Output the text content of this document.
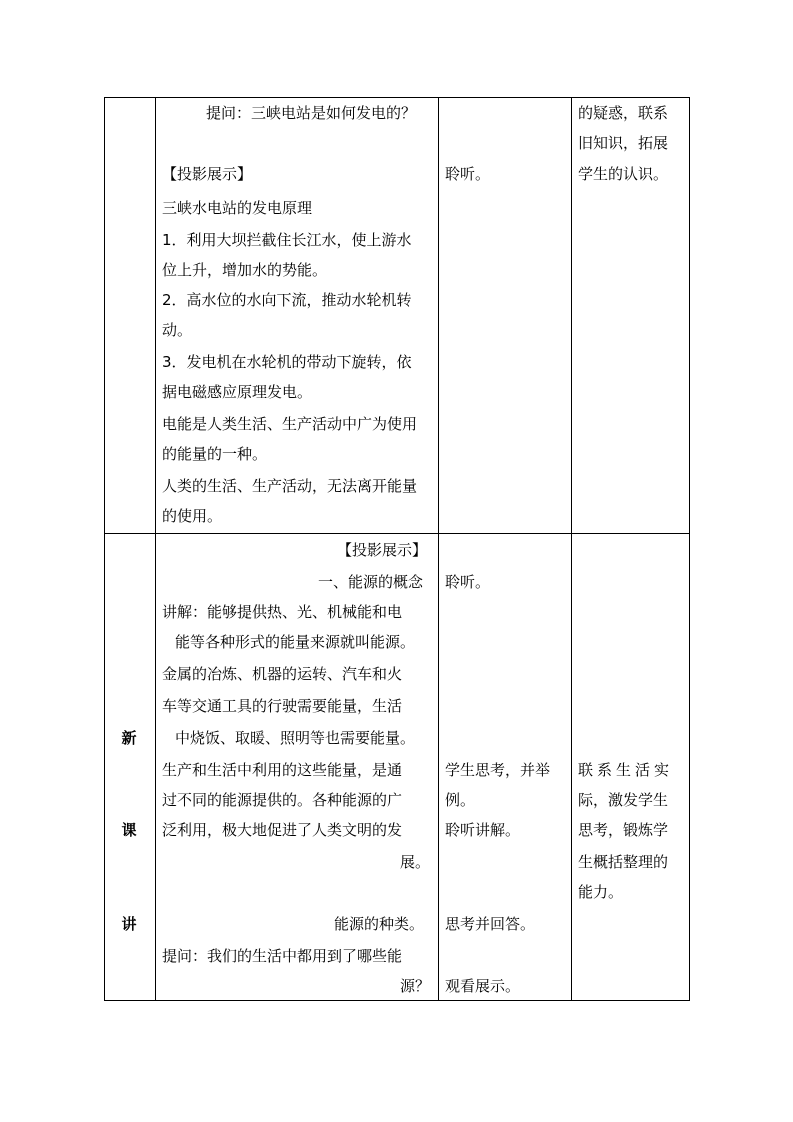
提问：三峡电站是如何发电的？
【投影展示】
三峡水电站的发电原理
1．利用大坝拦截住长江水，使上游水
位上升，增加水的势能。
2．高水位的水向下流，推动水轮机转
动。
3．发电机在水轮机的带动下旋转，依
据电磁感应原理发电。
电能是人类生活、生产活动中广为使用
的能量的一种。
人类的生活、生产活动，无法离开能量
的使用。
聆听。
的疑惑，联系
旧知识，拓展
学生的认识。
新
课
讲
【投影展示】
一、能源的概念
讲解：能够提供热、光、机械能和电
能等各种形式的能量来源就叫能源。
金属的冶炼、机器的运转、汽车和火
车等交通工具的行驶需要能量，生活
中烧饭、取暖、照明等也需要能量。
生产和生活中利用的这些能量，是通
过不同的能源提供的。各种能源的广
泛利用，极大地促进了人类文明的发
展。
能源的种类。
提问：我们的生活中都用到了哪些能
源？
聆听。
学生思考，并举
例。
聆听讲解。
思考并回答。
观看展示。
联系生活实
际，激发学生
思考，锻炼学
生概括整理的
能力。
